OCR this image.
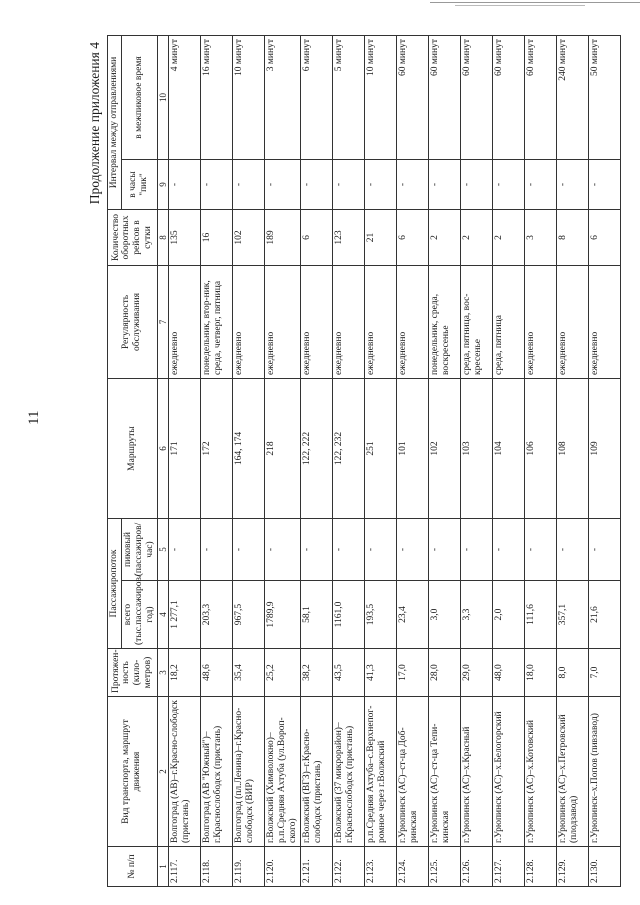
11
Продолжение приложения 4
№ п/п	Вид транспорта, маршрут движения	Протяжен-ность (кило-метров)	Пассажиропоток		Маршруты	Регулярность обслуживания	Количество оборотных рейсов в сутки	Интервал между отправлениями	
			всего (тыс.пассажиров/год)	пиковый (пассажиров/час)				в часы "пик"	в межпиковое время
1	2	3	4	5	6	7	8	9	10
2.117.	Волгоград (АВ)–г.Красно-слободск (пристань)	18,2	1 277,1	-	171	ежедневно	135	-	4 минут
2.118.	Волгоград (АВ "Южный")–г.Краснослободск (пристань)	48,6	203,3	-	172	понедельник, втор-ник, среда, четверг, пятница	16	-	16 минут
2.119.	Волгоград (пл.Ленина)–г.Красно-слободск (ВИР)	35,4	967,5	-	164, 174	ежедневно	102	-	10 минут
2.120.	г.Волжский (Химволокно)–р.п.Средняя Ахтуба (ул.Вороп-ского)	25,2	1789,9	-	218	ежедневно	189	-	3 минут
2.121.	г.Волжский (ВГЗ)–г.Красно-слободск (пристань)	38,2	58,1	-	122, 222	ежедневно	6	-	6 минут
2.122.	г.Волжский (37 микрорайон)–г.Краснослободск (пристань)	43,5	1161,0	-	122, 232	ежедневно	123	-	5 минут
2.123.	р.п.Средняя Ахтуба–с.Верхнепог-ромное через г.Волжский	41,3	193,5	-	251	ежедневно	21	-	10 минут
2.124.	г.Урюпинск (АС)–ст-ца Доб-ринская	17,0	23,4	-	101	ежедневно	6	-	60 минут
2.125.	г.Урюпинск (АС)–ст-ца Тепи-кинская	28,0	3,0	-	102	понедельник, среда, воскресенье	2	-	60 минут
2.126.	г.Урюпинск (АС)–х.Красный	29,0	3,3	-	103	среда, пятница, вос-кресенье	2	-	60 минут
2.127.	г.Урюпинск (АС)–х.Белогорский	48,0	2,0	-	104	среда, пятница	2	-	60 минут
2.128.	г.Урюпинск (АС)–х.Котовский	18,0	111,6	-	106	ежедневно	3	-	60 минут
2.129.	г.Урюпинск (АС)–х.Петровский (плодзавод)	8,0	357,1	-	108	ежедневно	8	-	240 минут
2.130.	г.Урюпинск–х.Попов (пивзавод)	7,0	21,6	-	109	ежедневно	6	-	50 минут
